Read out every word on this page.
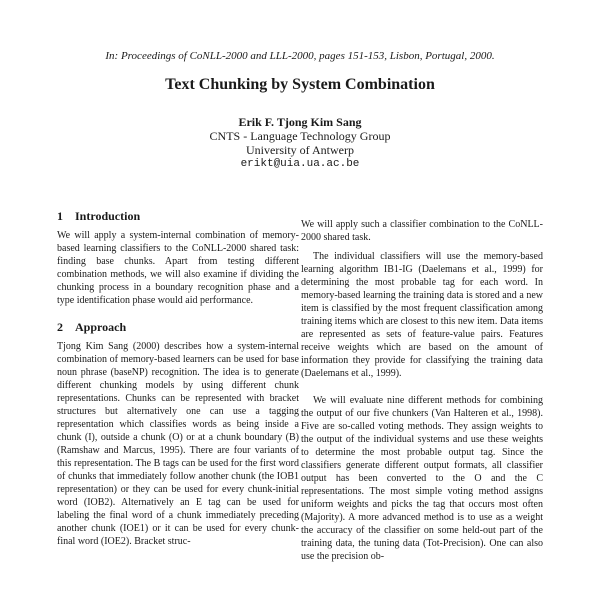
In: Proceedings of CoNLL-2000 and LLL-2000, pages 151-153, Lisbon, Portugal, 2000.
Text Chunking by System Combination
Erik F. Tjong Kim Sang
CNTS - Language Technology Group
University of Antwerp
erikt@uia.ua.ac.be
1 Introduction

We will apply a system-internal combination of memory-based learning classifiers to the CoNLL-2000 shared task: finding base chunks. Apart from testing different combination methods, we will also examine if dividing the chunking process in a boundary recognition phase and a type identification phase would aid performance.

2 Approach

Tjong Kim Sang (2000) describes how a system-internal combination of memory-based learners can be used for base noun phrase (baseNP) recognition. The idea is to generate different chunking models by using different chunk representations. Chunks can be represented with bracket structures but alternatively one can use a tagging representation which classifies words as being inside a chunk (I), outside a chunk (O) or at a chunk boundary (B) (Ramshaw and Marcus, 1995). There are four variants of this representation. The B tags can be used for the first word of chunks that immediately follow another chunk (the IOB1 representation) or they can be used for every chunk-initial word (IOB2). Alternatively an E tag can be used for labeling the final word of a chunk immediately preceding another chunk (IOE1) or it can be used for every chunk-final word (IOE2). Bracket struc-

We will apply such a classifier combination to the CoNLL-2000 shared task.

The individual classifiers will use the memory-based learning algorithm IB1-IG (Daelemans et al., 1999) for determining the most probable tag for each word. In memory-based learning the training data is stored and a new item is classified by the most frequent classification among training items which are closest to this new item. Data items are represented as sets of feature-value pairs. Features receive weights which are based on the amount of information they provide for classifying the training data (Daelemans et al., 1999).

We will evaluate nine different methods for combining the output of our five chunkers (Van Halteren et al., 1998). Five are so-called voting methods. They assign weights to the output of the individual systems and use these weights to determine the most probable output tag. Since the classifiers generate different output formats, all classifier output has been converted to the O and the C representations. The most simple voting method assigns uniform weights and picks the tag that occurs most often (Majority). A more advanced method is to use as a weight the accuracy of the classifier on some held-out part of the training data, the tuning data (Tot-Precision). One can also use the precision ob-
